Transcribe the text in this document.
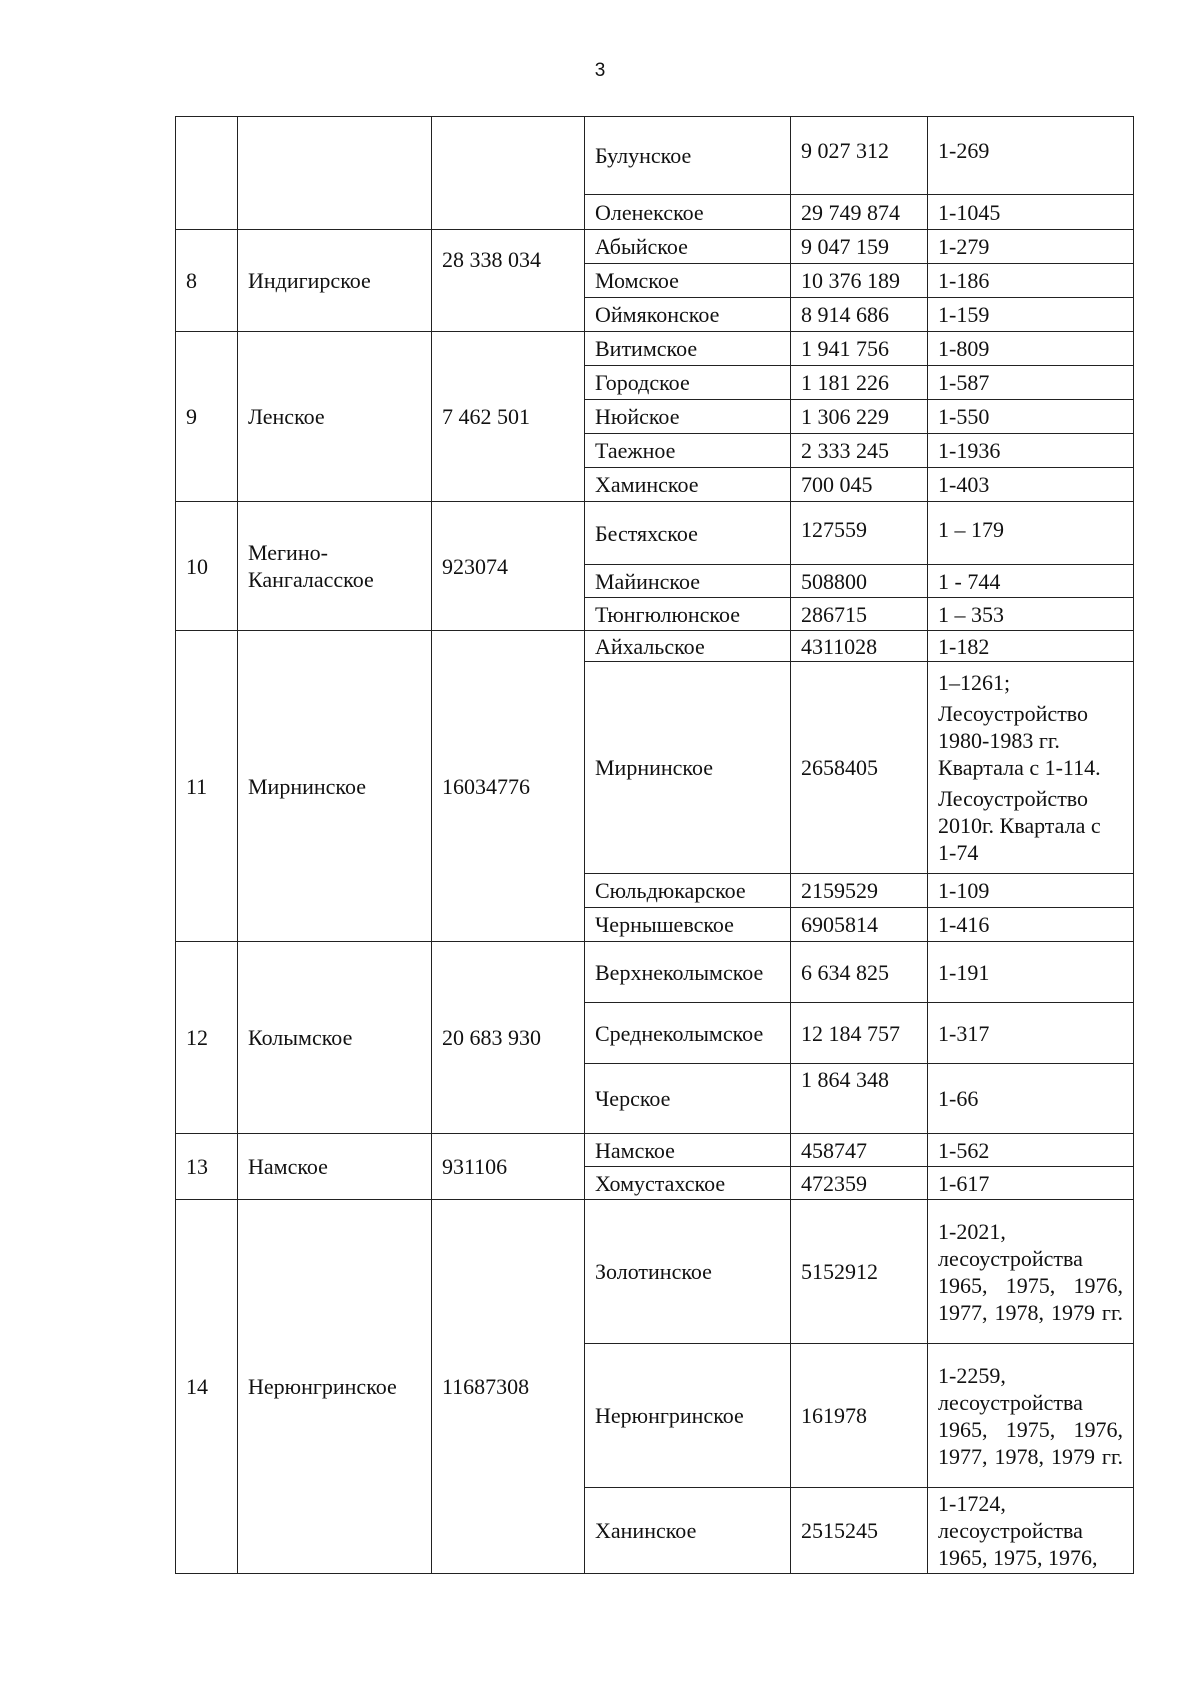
3
			Булунское	9 027 312	1-269
			Оленекское	29 749 874	1-1045
8	Индигирское	28 338 034	Абыйское	9 047 159	1-279
			Момское	10 376 189	1-186
			Оймяконское	8 914 686	1-159
9	Ленское	7 462 501	Витимское	1 941 756	1-809
			Городское	1 181 226	1-587
			Нюйское	1 306 229	1-550
			Таежное	2 333 245	1-1936
			Хаминское	700 045	1-403
10	Мегино-Кангаласское	923074	Бестяхское	127559	1 – 179
			Майинское	508800	1 - 744
			Тюнгюлюнское	286715	1 – 353
11	Мирнинское	16034776	Айхальское	4311028	1-182
			Мирнинское	2658405	1–1261;
Лесоустройство 1980-1983 гг. Квартала с 1-114.
Лесоустройство 2010г. Квартала с 1-74

			Сюльдюкарское	2159529	1-109
			Чернышевское	6905814	1-416
12	Колымское	20 683 930	Верхнеколымское	6 634 825	1-191
			Среднеколымское	12 184 757	1-317
			Черское	1 864 348	1-66
13	Намское	931106	Намское	458747	1-562
			Хомустахское	472359	1-617
14	Нерюнгринское	11687308	Золотинское	5152912	1-2021, лесоустройства 1965, 1975, 1976, 1977, 1978, 1979 гг.
			Нерюнгринское	161978	1-2259, лесоустройства 1965, 1975, 1976, 1977, 1978, 1979 гг.
			Ханинское	2515245	1-1724, лесоустройства 1965, 1975, 1976,
